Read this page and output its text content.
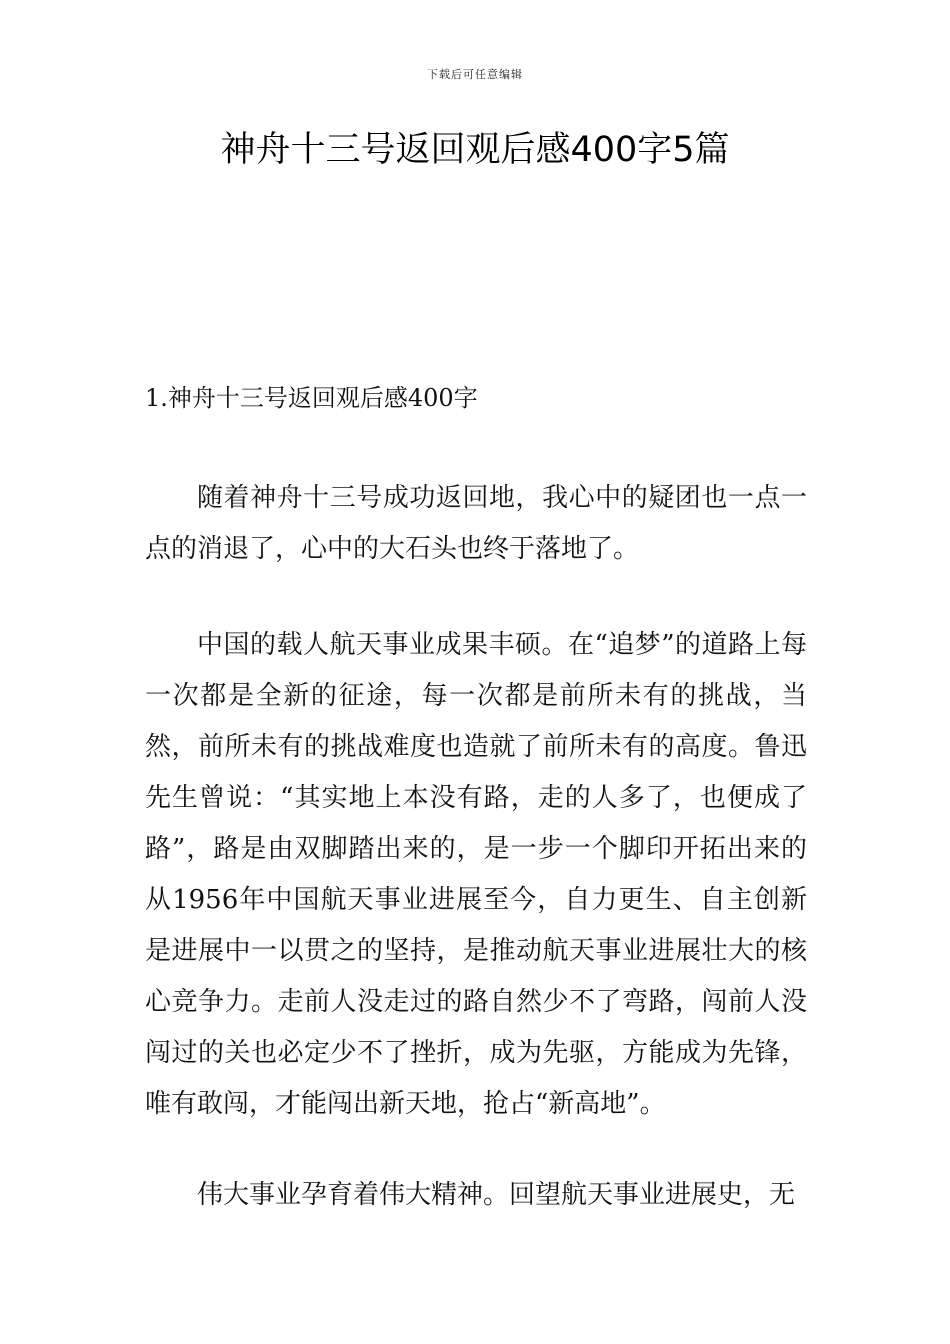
下载后可任意编辑
神舟十三号返回观后感400字5篇
1.神舟十三号返回观后感400字

随着神舟十三号成功返回地，我心中的疑团也一点一点的消退了，心中的大石头也终于落地了。

中国的载人航天事业成果丰硕。在“追梦”的道路上每一次都是全新的征途，每一次都是前所未有的挑战，当然，前所未有的挑战难度也造就了前所未有的高度。鲁迅先生曾说：“其实地上本没有路，走的人多了，也便成了路”，路是由双脚踏出来的，是一步一个脚印开拓出来的从1956年中国航天事业进展至今，自力更生、自主创新是进展中一以贯之的坚持，是推动航天事业进展壮大的核心竞争力。走前人没走过的路自然少不了弯路，闯前人没闯过的关也必定少不了挫折，成为先驱，方能成为先锋，唯有敢闯，才能闯出新天地，抢占“新高地”。

伟大事业孕育着伟大精神。回望航天事业进展史，无
